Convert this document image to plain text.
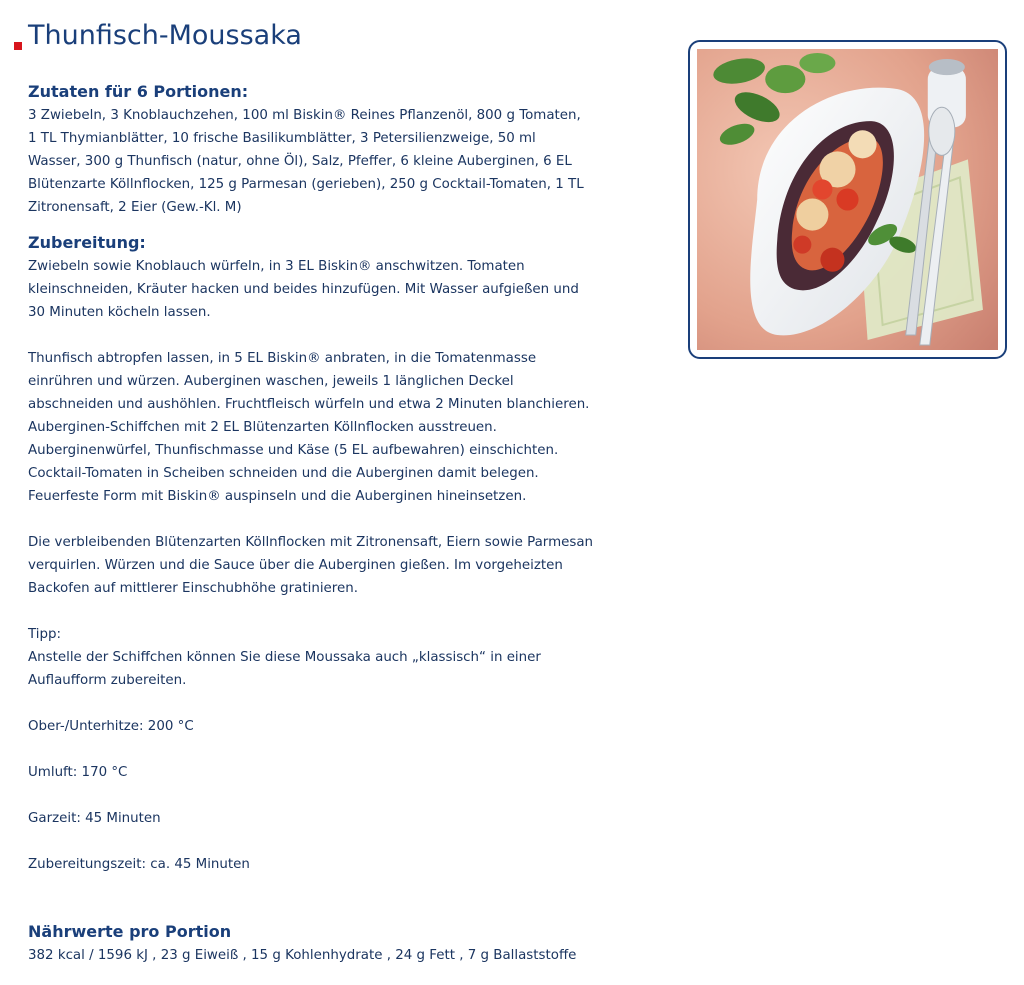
Thunfisch-Moussaka
Zutaten für 6 Portionen:

3 Zwiebeln, 3 Knoblauchzehen, 100 ml Biskin® Reines Pflanzenöl, 800 g Tomaten,

1 TL Thymianblätter, 10 frische Basilikumblätter, 3 Petersilienzweige, 50 ml

Wasser, 300 g Thunfisch (natur, ohne Öl), Salz, Pfeffer, 6 kleine Auberginen, 6 EL

Blütenzarte Köllnflocken, 125 g Parmesan (gerieben), 250 g Cocktail-Tomaten, 1 TL

Zitronensaft, 2 Eier (Gew.-Kl. M)

Zubereitung:

Zwiebeln sowie Knoblauch würfeln, in 3 EL Biskin® anschwitzen. Tomaten

kleinschneiden, Kräuter hacken und beides hinzufügen. Mit Wasser aufgießen und

30 Minuten köcheln lassen.

Thunfisch abtropfen lassen, in 5 EL Biskin® anbraten, in die Tomatenmasse

einrühren und würzen. Auberginen waschen, jeweils 1 länglichen Deckel

abschneiden und aushöhlen. Fruchtfleisch würfeln und etwa 2 Minuten blanchieren.

Auberginen-Schiffchen mit 2 EL Blütenzarten Köllnflocken ausstreuen.

Auberginenwürfel, Thunfischmasse und Käse (5 EL aufbewahren) einschichten.

Cocktail-Tomaten in Scheiben schneiden und die Auberginen damit belegen.

Feuerfeste Form mit Biskin® auspinseln und die Auberginen hineinsetzen.

Die verbleibenden Blütenzarten Köllnflocken mit Zitronensaft, Eiern sowie Parmesan

verquirlen. Würzen und die Sauce über die Auberginen gießen. Im vorgeheizten

Backofen auf mittlerer Einschubhöhe gratinieren.

Tipp:

Anstelle der Schiffchen können Sie diese Moussaka auch „klassisch“ in einer

Auflaufform zubereiten.

Ober-/Unterhitze: 200 °C

Umluft: 170 °C

Garzeit: 45 Minuten

Zubereitungszeit: ca. 45 Minuten

Nährwerte pro Portion

382 kcal / 1596 kJ , 23 g Eiweiß , 15 g Kohlenhydrate , 24 g Fett , 7 g Ballaststoffe
